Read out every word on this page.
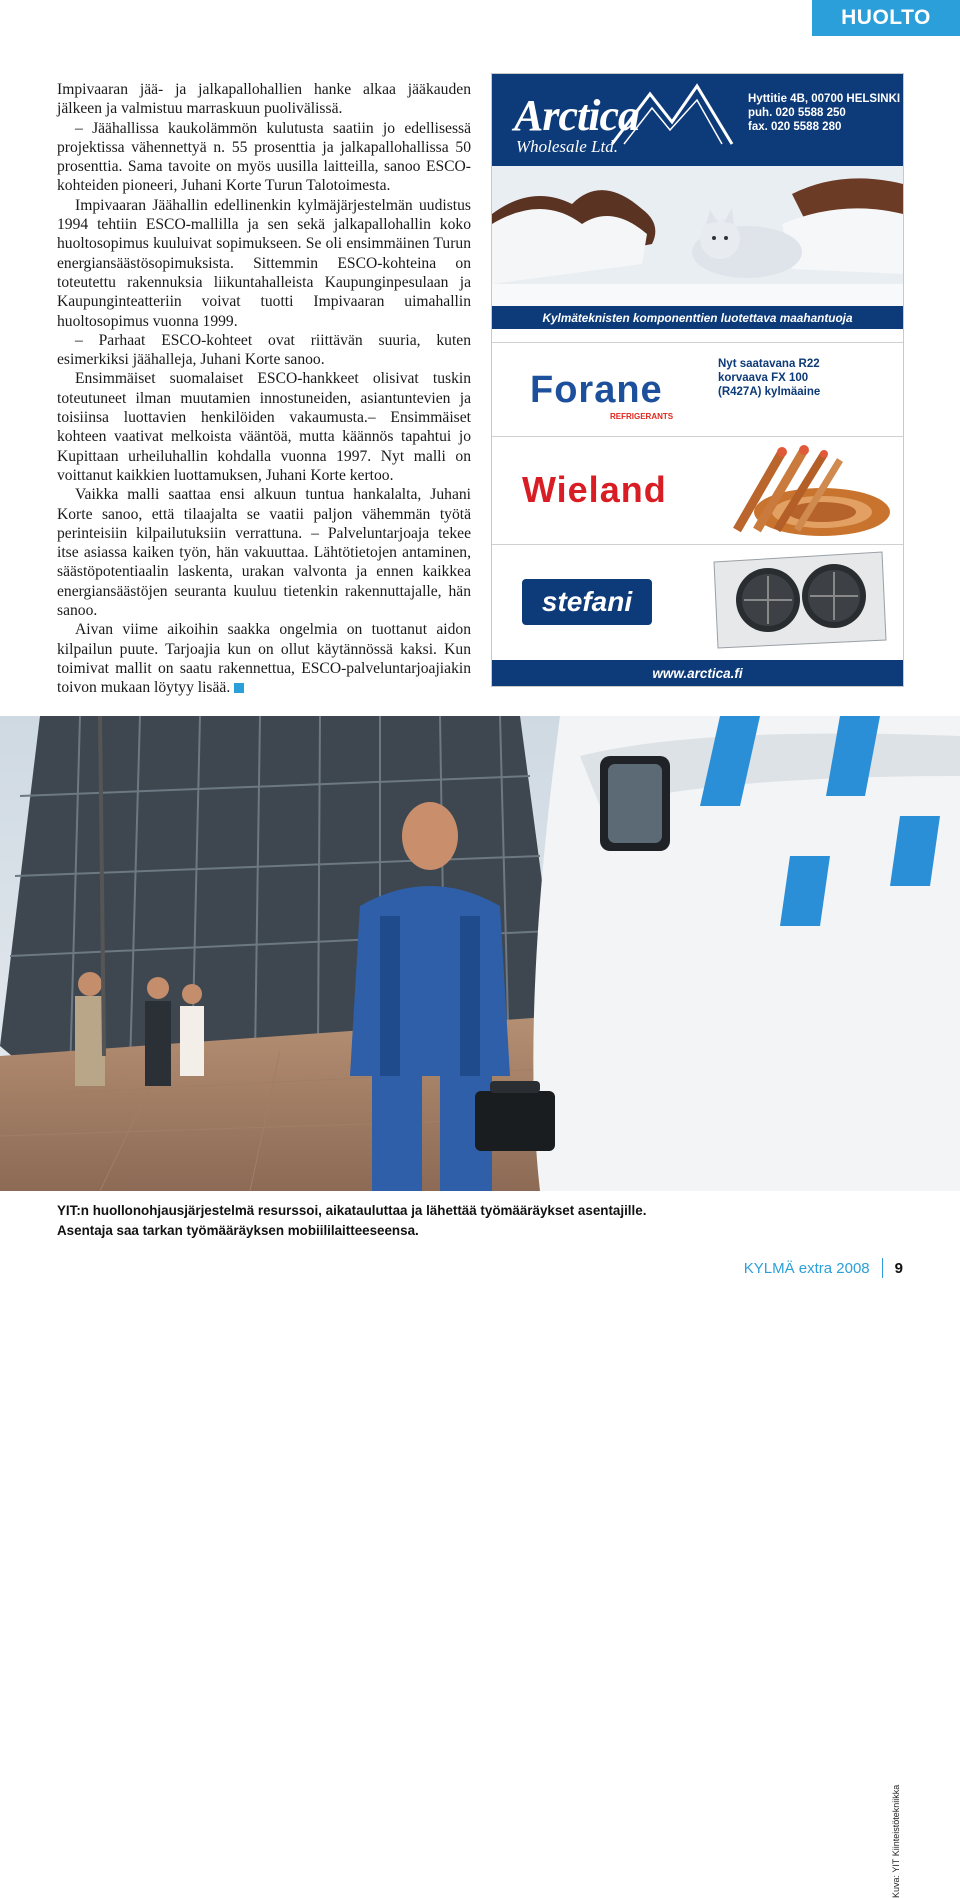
HUOLTO

Impivaaran jää- ja jalkapallohallien hanke alkaa jääkauden jälkeen ja valmistuu marraskuun puolivälissä.

– Jäähallissa kaukolämmön kulutusta saatiin jo edellisessä projektissa vähennettyä n. 55 prosenttia ja jalkapallohallissa 50 prosenttia. Sama tavoite on myös uusilla laitteilla, sanoo ESCO-kohteiden pioneeri, Juhani Korte Turun Talotoimesta.

Impivaaran Jäähallin edellinenkin kylmäjärjestelmän uudistus 1994 tehtiin ESCO-mallilla ja sen sekä jalkapallohallin koko huoltosopimus kuuluivat sopimukseen. Se oli ensimmäinen Turun energiansäästösopimuksista. Sittemmin ESCO-kohteina on toteutettu rakennuksia liikuntahalleista Kaupunginpesulaan ja Kaupunginteatteriin voivat tuotti Impivaaran uimahallin huoltosopimus vuonna 1999.

– Parhaat ESCO-kohteet ovat riittävän suuria, kuten esimerkiksi jäähalleja, Juhani Korte sanoo.

Ensimmäiset suomalaiset ESCO-hankkeet olisivat tuskin toteutuneet ilman muutamien innostuneiden, asiantuntevien ja toisiinsa luottavien henkilöiden vakaumusta.– Ensimmäiset kohteen vaativat melkoista vääntöä, mutta käännös tapahtui jo Kupittaan urheiluhallin kohdalla vuonna 1997. Nyt malli on voittanut kaikkien luottamuksen, Juhani Korte kertoo.

Vaikka malli saattaa ensi alkuun tuntua hankalalta, Juhani Korte sanoo, että tilaajalta se vaatii paljon vähemmän työtä perinteisiin kilpailutuksiin verrattuna. – Palveluntarjoaja tekee itse asiassa kaiken työn, hän vakuuttaa. Lähtötietojen antaminen, säästöpotentiaalin laskenta, urakan valvonta ja ennen kaikkea energiansäästöjen seuranta kuuluu tietenkin rakennuttajalle, hän sanoo.

Aivan viime aikoihin saakka ongelmia on tuottanut aidon kilpailun puute. Tarjoajia kun on ollut käytännössä kaksi. Kun toimivat mallit on saatu rakennettua, ESCO-palveluntarjoajiakin toivon mukaan löytyy lisää.

Arctica
Wholesale Ltd.
Hyttitie 4B, 00700 HELSINKI
puh. 020 5588 250
fax. 020 5588 280
Kylmäteknisten komponenttien luotettava maahantuoja
Forane
REFRIGERANTS
Nyt saatavana R22
korvaava FX 100
(R427A) kylmäaine
Wieland
stefani
www.arctica.fi
Kuva: YIT Kiinteistötekniikka
YIT:n huollonohjausjärjestelmä resurssoi, aikatauluttaa ja lähettää työmääräykset asentajille.
Asentaja saa tarkan työmääräyksen mobiililaitteeseensa.
KYLMÄ
extra 2008 9
